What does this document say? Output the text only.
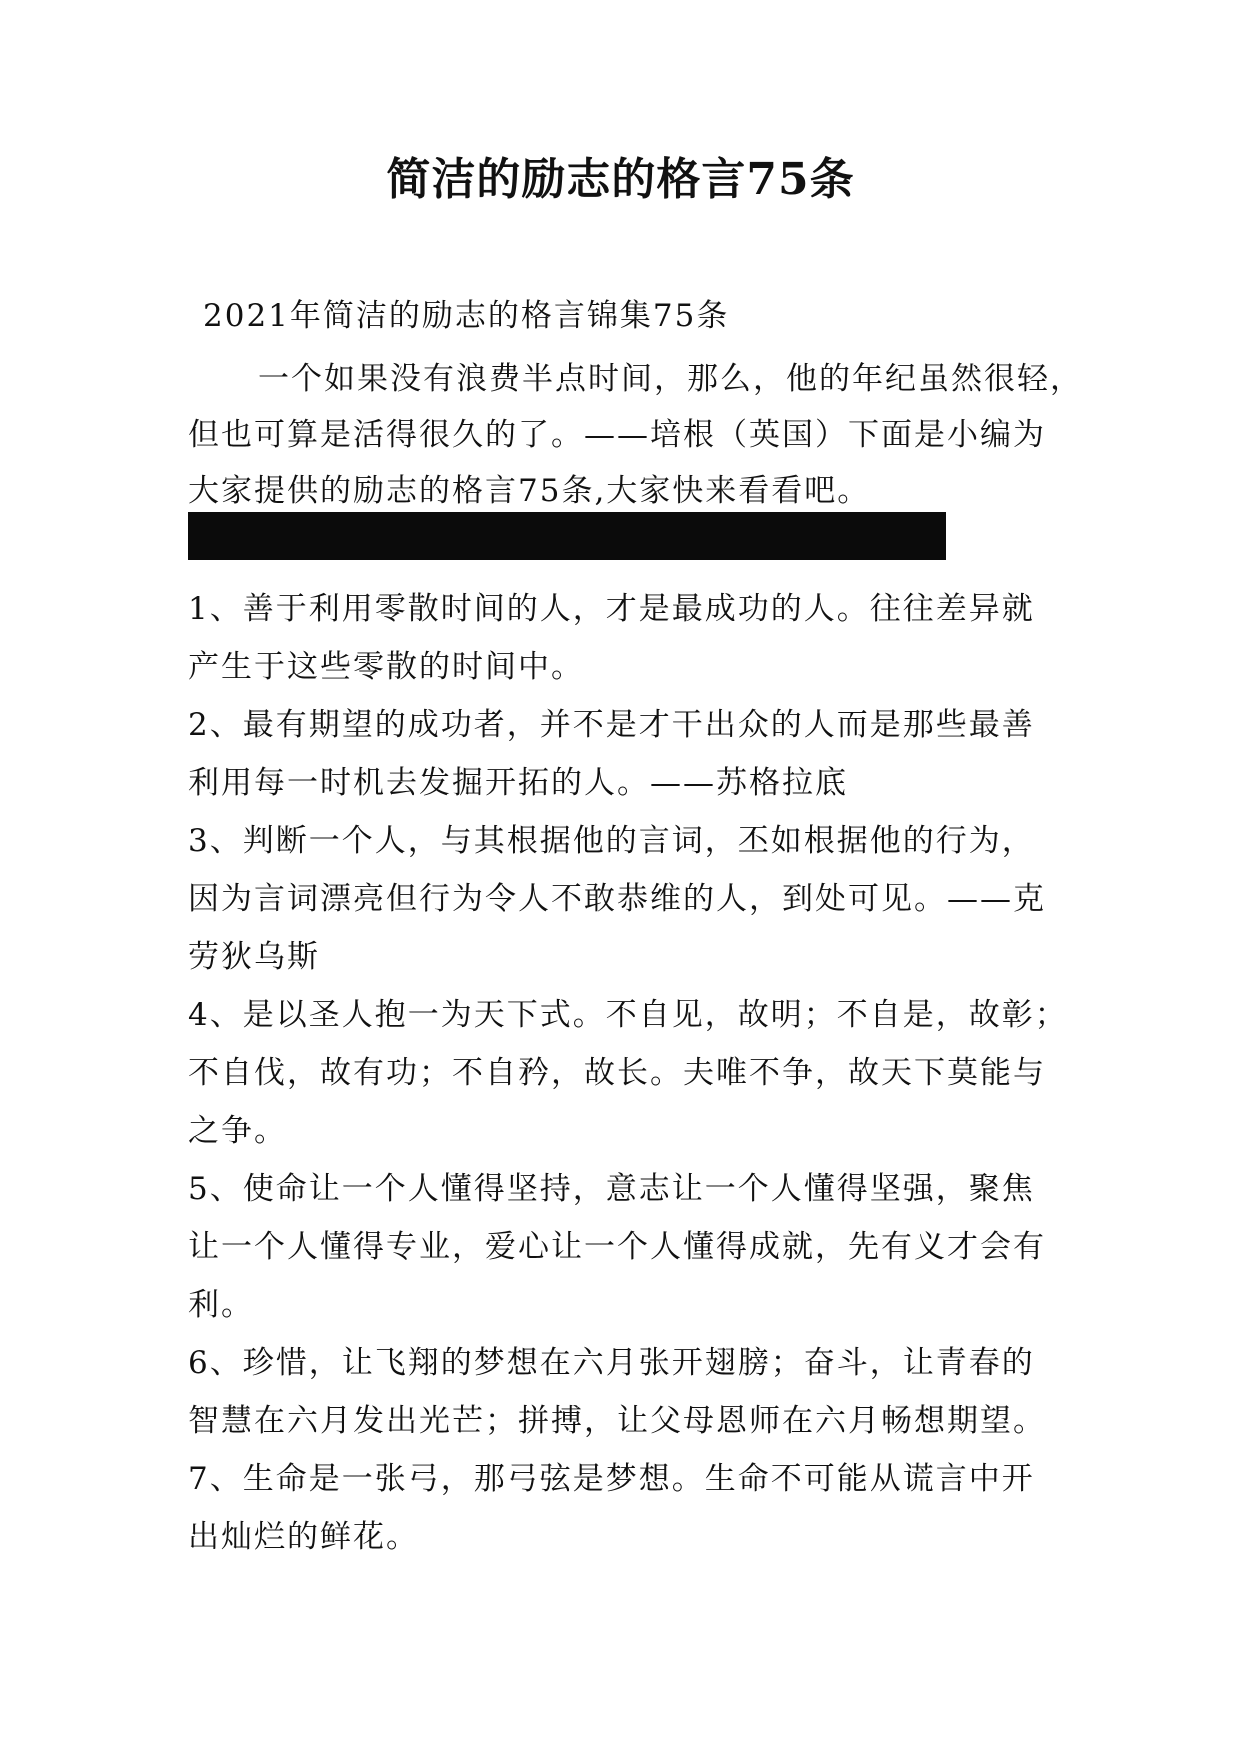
简洁的励志的格言75条
2021年简洁的励志的格言锦集75条
一个如果没有浪费半点时间，那么，他的年纪虽然很轻，
但也可算是活得很久的了。——培根（英国）下面是小编为
大家提供的励志的格言75条,大家快来看看吧。
1、善于利用零散时间的人，才是最成功的人。往往差异就
产生于这些零散的时间中。
2、最有期望的成功者，并不是才干出众的人而是那些最善
利用每一时机去发掘开拓的人。——苏格拉底
3、判断一个人，与其根据他的言词，丕如根据他的行为，
因为言词漂亮但行为令人不敢恭维的人，到处可见。——克
劳狄乌斯
4、是以圣人抱一为天下式。不自见，故明；不自是，故彰；
不自伐，故有功；不自矜，故长。夫唯不争，故天下莫能与
之争。
5、使命让一个人懂得坚持，意志让一个人懂得坚强，聚焦
让一个人懂得专业，爱心让一个人懂得成就，先有义才会有
利。
6、珍惜，让飞翔的梦想在六月张开翅膀；奋斗，让青春的
智慧在六月发出光芒；拼搏，让父母恩师在六月畅想期望。
7、生命是一张弓，那弓弦是梦想。生命不可能从谎言中开
出灿烂的鲜花。
